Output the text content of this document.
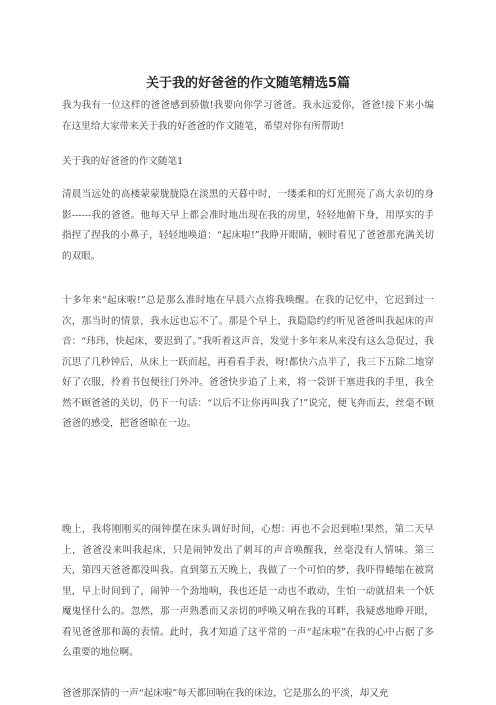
关于我的好爸爸的作文随笔精选5篇

我为我有一位这样的爸爸感到骄傲!我要向你学习爸爸。我永远爱你，爸爸!接下来小编在这里给大家带来关于我的好爸爸的作文随笔，希望对你有所帮助!

关于我的好爸爸的作文随笔1

清晨当远处的高楼蒙蒙胧胧隐在淡黑的天暮中时，一缕柔和的灯光照亮了高大亲切的身影------我的爸爸。他每天早上都会准时地出现在我的房里，轻轻地俯下身，用厚实的手指捏了捏我的小鼻子，轻轻地唤道：“起床啦!”我睁开眼睛，顿时看见了爸爸那充满关切的双眼。

十多年来“起床啦!”总是那么准时地在早晨六点将我唤醒。在我的记忆中，它迟到过一次，那当时的情景，我永远也忘不了。那是个早上，我隐隐约约听见爸爸叫我起床的声音：“玮玮，快起床，要迟到了。”我听着这声音，发觉十多年来从来没有这么急促过，我沉思了几秒钟后，从床上一跃而起，再看看手表，呀!都快六点半了，我三下五除二地穿好了衣服，拎着书包便往门外冲。爸爸快步追了上来，将一袋饼干塞进我的手里，我全然不顾爸爸的关切，仍下一句话：“以后不让你再叫我了!”说完，便飞奔而去，丝毫不顾爸爸的感受，把爸爸晾在一边。

晚上，我将刚刚买的闹钟摆在床头调好时间，心想：再也不会迟到啦!果然，第二天早上，爸爸没来叫我起床，只是闹钟发出了刺耳的声音唤醒我，丝毫没有人情味。第三天，第四天爸爸都没叫我。直到第五天晚上，我做了一个可怕的梦，我吓得蜷缩在被窝里，早上时间到了，闹钟一个劲地响，我也还是一动也不敢动，生怕一动就招来一个妖魔鬼怪什么的。忽然，那一声熟悉而又亲切的呼唤又响在我的耳畔，我疑惑地睁开眼，看见爸爸那和蔼的表情。此时，我才知道了这平常的一声“起床啦”在我的心中占据了多么重要的地位啊。

爸爸那深情的一声“起床啦”每天都回响在我的床边，它是那么的平淡，却又充
